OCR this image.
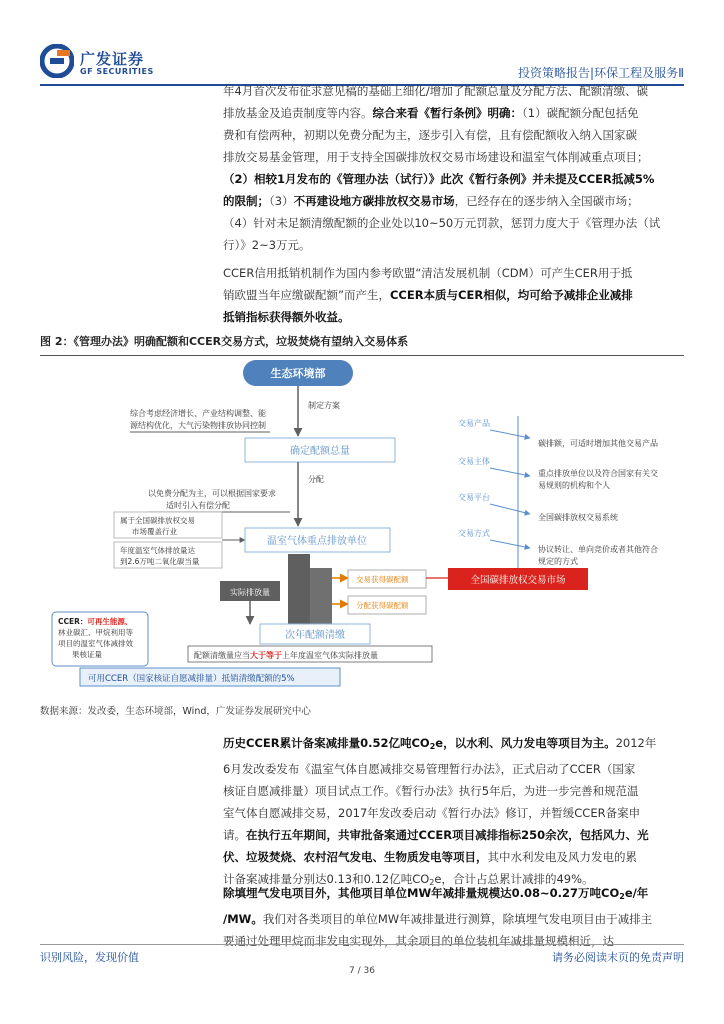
广发证券
GF SECURITIES	投资策略报告|环保工程及服务Ⅱ
年4月首次发布征求意见稿的基础上细化/增加了配额总量及分配方法、配额清缴、碳
排放基金及追责制度等内容。综合来看《暂行条例》明确：（1）碳配额分配包括免
费和有偿两种，初期以免费分配为主，逐步引入有偿，且有偿配额收入纳入国家碳
排放交易基金管理，用于支持全国碳排放权交易市场建设和温室气体削减重点项目；
（2）相较1月发布的《管理办法（试行）》此次《暂行条例》并未提及CCER抵减5%
的限制；（3）不再建设地方碳排放权交易市场，已经存在的逐步纳入全国碳市场；
（4）针对未足额清缴配额的企业处以10~50万元罚款，惩罚力度大于《管理办法（试
行）》2~3万元。
CCER信用抵销机制作为国内参考欧盟“清洁发展机制（CDM）可产生CER用于抵
销欧盟当年应缴碳配额”而产生，CCER本质与CER相似，均可给予减排企业减排
抵销指标获得额外收益。
图 2：《管理办法》明确配额和CCER交易方式，垃圾焚烧有望纳入交易体系
生态环境部
制定方案
综合考虑经济增长、产业结构调整、能
源结构优化，大气污染物排放协同控制
确定配额总量
分配
以免费分配为主，可以根据国家要求
适时引入有偿分配
属于全国碳排放权交易
市场覆盖行业
年度温室气体排放量达
到2.6万吨二氧化碳当量
温室气体重点排放单位
实际排放量
交易获得碳配额
分配获得碳配额
全国碳排放权交易市场
次年配额清缴
配额清缴量应当大于等于上年度温室气体实际排放量
可用CCER（国家核证自愿减排量）抵销清缴配额的5%
CCER：可再生能源、
林业碳汇、甲烷利用等
项目的温室气体减排效
果核证量
交易产品
碳排额，可适时增加其他交易产品
交易主体
重点排放单位以及符合国家有关交
易规则的机构和个人
交易平台
全国碳排放权交易系统
交易方式
协议转让、单向竞价或者其他符合
规定的方式
数据来源：发改委，生态环境部，Wind，广发证券发展研究中心
历史CCER累计备案减排量0.52亿吨$CO_2e$，以水利、风力发电等项目为主。2012年
6月发改委发布《温室气体自愿减排交易管理暂行办法》，正式启动了CCER（国家
核证自愿减排量）项目试点工作。《暂行办法》执行5年后，为进一步完善和规范温
室气体自愿减排交易，2017年发改委启动《暂行办法》修订，并暂缓CCER备案申
请。在执行五年期间，共审批备案通过CCER项目减排指标250余次，包括风力、光
伏、垃圾焚烧、农村沼气发电、生物质发电等项目，其中水利发电及风力发电的累
计备案减排量分别达0.13和0.12亿吨$CO_2e$，合计占总累计减排的49%。
除填埋气发电项目外，其他项目单位MW年减排量规模达0.08~0.27万吨$CO_2e/$年
/MW。我们对各类项目的单位MW年减排量进行测算，除填埋气发电项目由于减排主
要通过处理甲烷而非发电实现外，其余项目的单位装机年减排量规模相近，达
识别风险，发现价值	请务必阅读末页的免责声明
7 / 36
